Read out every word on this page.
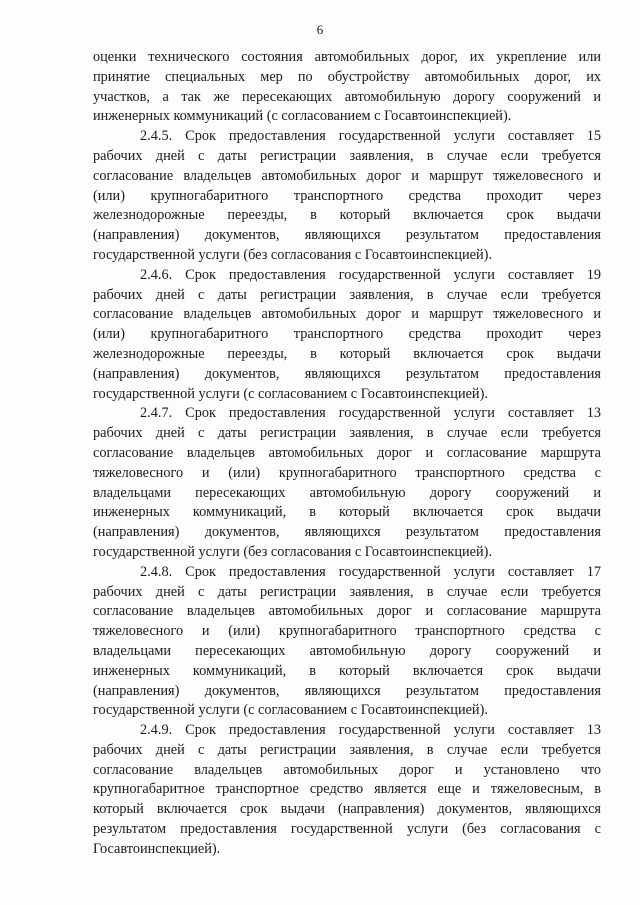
6
оценки технического состояния автомобильных дорог, их укрепление или
принятие специальных мер по обустройству автомобильных дорог, их
участков, а так же пересекающих автомобильную дорогу сооружений и
инженерных коммуникаций (с согласованием с Госавтоинспекцией).
2.4.5. Срок предоставления государственной услуги составляет 15
рабочих дней с даты регистрации заявления, в случае если требуется
согласование владельцев автомобильных дорог и маршрут тяжеловесного и
(или) крупногабаритного транспортного средства проходит через
железнодорожные переезды, в который включается срок выдачи
(направления) документов, являющихся результатом предоставления
государственной услуги (без согласования с Госавтоинспекцией).
2.4.6. Срок предоставления государственной услуги составляет 19
рабочих дней с даты регистрации заявления, в случае если требуется
согласование владельцев автомобильных дорог и маршрут тяжеловесного и
(или) крупногабаритного транспортного средства проходит через
железнодорожные переезды, в который включается срок выдачи
(направления) документов, являющихся результатом предоставления
государственной услуги (с согласованием с Госавтоинспекцией).
2.4.7. Срок предоставления государственной услуги составляет 13
рабочих дней с даты регистрации заявления, в случае если требуется
согласование владельцев автомобильных дорог и согласование маршрута
тяжеловесного и (или) крупногабаритного транспортного средства с
владельцами пересекающих автомобильную дорогу сооружений и
инженерных коммуникаций, в который включается срок выдачи
(направления) документов, являющихся результатом предоставления
государственной услуги (без согласования с Госавтоинспекцией).
2.4.8. Срок предоставления государственной услуги составляет 17
рабочих дней с даты регистрации заявления, в случае если требуется
согласование владельцев автомобильных дорог и согласование маршрута
тяжеловесного и (или) крупногабаритного транспортного средства с
владельцами пересекающих автомобильную дорогу сооружений и
инженерных коммуникаций, в который включается срок выдачи
(направления) документов, являющихся результатом предоставления
государственной услуги (с согласованием с Госавтоинспекцией).
2.4.9. Срок предоставления государственной услуги составляет 13
рабочих дней с даты регистрации заявления, в случае если требуется
согласование владельцев автомобильных дорог и установлено что
крупногабаритное транспортное средство является еще и тяжеловесным, в
который включается срок выдачи (направления) документов, являющихся
результатом предоставления государственной услуги (без согласования с
Госавтоинспекцией).
